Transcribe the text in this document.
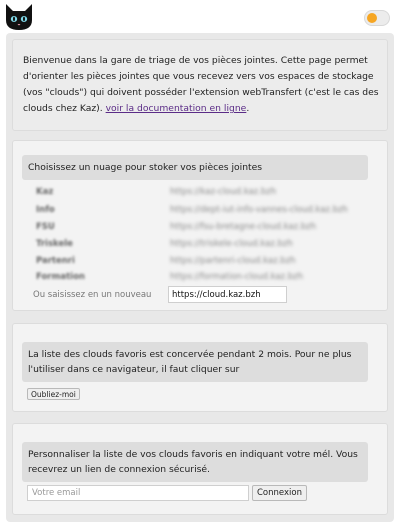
Bienvenue dans la gare de triage de vos pièces jointes. Cette page permet d'orienter les pièces jointes que vous recevez vers vos espaces de stockage (vos "clouds") qui doivent posséder l'extension webTransfert (c'est le cas des clouds chez Kaz). voir la documentation en ligne.

Choisissez un nuage pour stoker vos pièces jointes
La liste des clouds favoris est concervée pendant 2 mois. Pour ne plus l'utiliser dans ce navigateur, il faut cliquer sur
Personnaliser la liste de vos clouds favoris en indiquant votre mél. Vous recevrez un lien de connexion sécurisé.
Kaz	https://kaz-cloud.kaz.bzh
Info	https://dept-iut-info-vannes-cloud.kaz.bzh
FSU	https://fsu-bretagne-cloud.kaz.bzh
Triskele	https://triskele-cloud.kaz.bzh
Partenri	https://partenri-cloud.kaz.bzh
Formation	https://formation-cloud.kaz.bzh
Ou saisissez en un nouveau
https://cloud.kaz.bzh
Oubliez-moi
Votre email
Connexion
